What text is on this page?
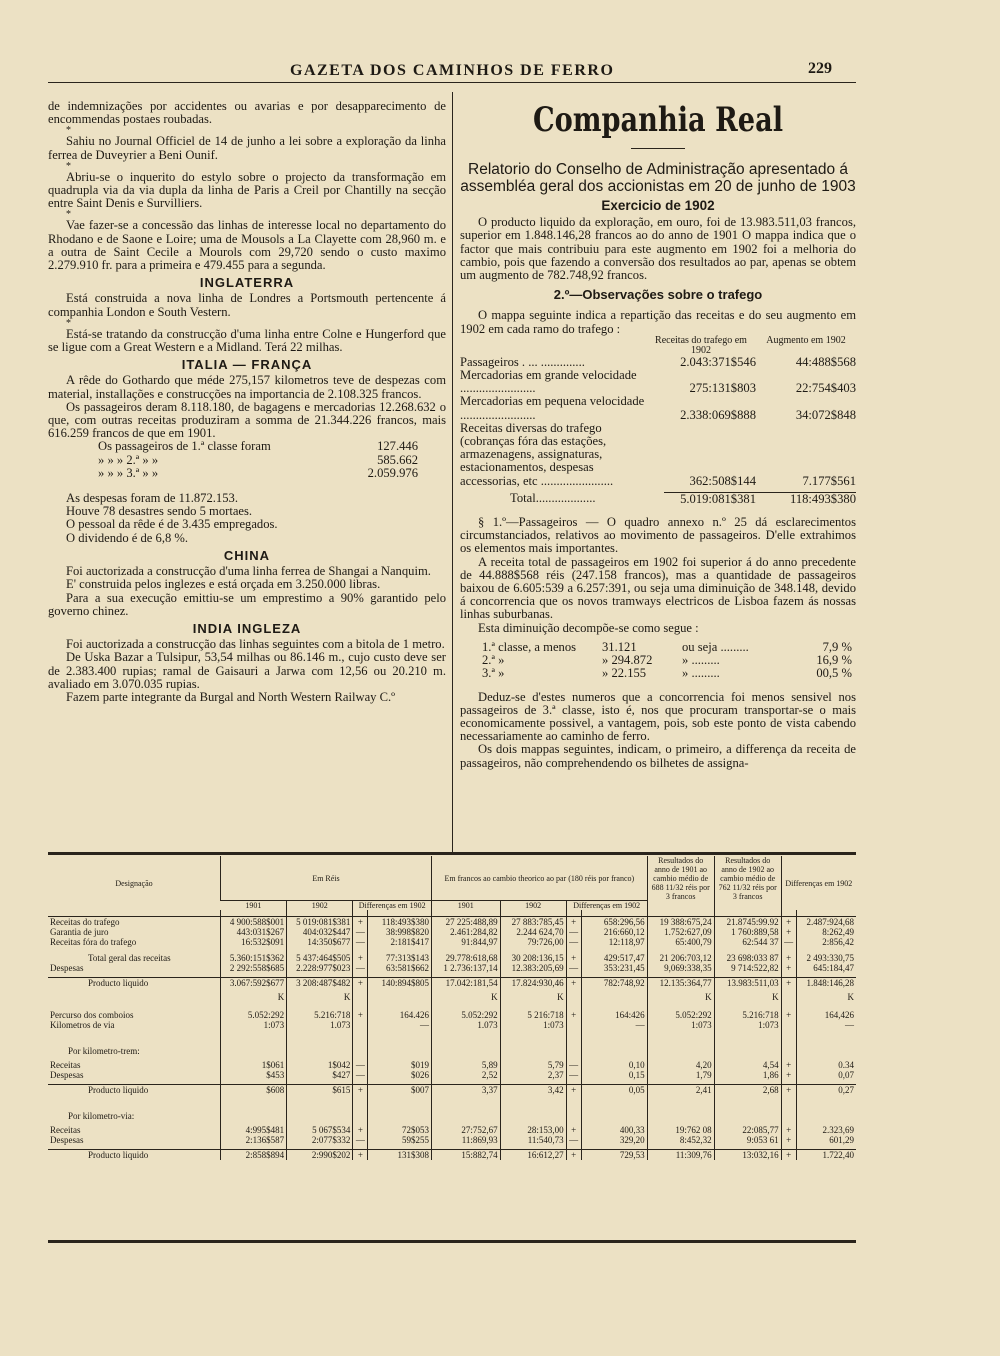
GAZETA DOS CAMINHOS DE FERRO	229

de indemnizações por accidentes ou avarias e por desapparecimento de encommendas postaes roubadas.

*

Sahiu no Journal Officiel de 14 de junho a lei sobre a exploração da linha ferrea de Duveyrier a Beni Ounif.

*

Abriu-se o inquerito do estylo sobre o projecto da transformação em quadrupla via da via dupla da linha de Paris a Creil por Chantilly na secção entre Saint Denis e Survilliers.

*

Vae fazer-se a concessão das linhas de interesse local no departamento do Rhodano e de Saone e Loire; uma de Mousols a La Clayette com 28,960 m. e a outra de Saint Cecile a Mourols com 29,720 sendo o custo maximo 2.279.910 fr. para a primeira e 479.455 para a segunda.

INGLATERRA

Está construida a nova linha de Londres a Portsmouth pertencente á companhia London e South Vestern.

*

Está-se tratando da construcção d'uma linha entre Colne e Hungerford que se ligue com a Great Western e a Midland. Terá 22 milhas.

ITALIA — FRANÇA

A rêde do Gothardo que méde 275,157 kilometros teve de despezas com material, installações e construcções na importancia de 2.108.325 francos.

Os passageiros deram 8.118.180, de bagagens e mercadorias 12.268.632 o que, com outras receitas produziram a somma de 21.344.226 francos, mais 616.259 francos de que em 1901.

Os passageiros de 1.ª classe foram	127.446
» » » 2.ª » »	585.662
» » » 3.ª » »	2.059.976

As despesas foram de 11.872.153.

Houve 78 desastres sendo 5 mortaes.

O pessoal da rêde é de 3.435 empregados.

O dividendo é de 6,8 %.

CHINA

Foi auctorizada a construcção d'uma linha ferrea de Shangai a Nanquim.

E' construida pelos inglezes e está orçada em 3.250.000 libras.

Para a sua execução emittiu-se um emprestimo a 90% garantido pelo governo chinez.

INDIA INGLEZA

Foi auctorizada a construcção das linhas seguintes com a bitola de 1 metro.

De Uska Bazar a Tulsipur, 53,54 milhas ou 86.146 m., cujo custo deve ser de 2.383.400 rupias; ramal de Gaisauri a Jarwa com 12,56 ou 20.210 m. avaliado em 3.070.035 rupias.

Fazem parte integrante da Burgal and North Western Railway C.º

Companhia Real
Relatorio do Conselho de Administração apresentado á assembléa geral dos accionistas em 20 de junho de 1903
Exercicio de 1902

O producto liquido da exploração, em ouro, foi de 13.983.511,03 francos, superior em 1.848.146,28 francos ao do anno de 1901 O mappa indica que o factor que mais contribuiu para este augmento em 1902 foi a melhoria do cambio, pois que fazendo a conversão dos resultados ao par, apenas se obtem um augmento de 782.748,92 francos.

2.º—Observações sobre o trafego

O mappa seguinte indica a repartição das receitas e do seu augmento em 1902 em cada ramo do trafego :

Receitas do trafego em 1902
Augmento em 1902
Passageiros . ... ..............	2.043:371$546	44:488$568
Mercadorias em grande velocidade ........................	275:131$803	22:754$403
Mercadorias em pequena velocidade ........................	2.338:069$888	34:072$848
Receitas diversas do trafego (cobranças fóra das estações, armazenagens, assignaturas, estacionamentos, despesas accessorias, etc .......................	362:508$144	7.177$561
Total...................	5.019:081$381	118:493$380

§ 1.º—Passageiros — O quadro annexo n.º 25 dá esclarecimentos circumstanciados, relativos ao movimento de passageiros. D'elle extrahimos os elementos mais importantes.

A receita total de passageiros em 1902 foi superior á do anno precedente de 44.888$568 réis (247.158 francos), mas a quantidade de passageiros baixou de 6.605:539 a 6.257:391, ou seja uma diminuição de 348.148, devido á concorrencia que os novos tramways electricos de Lisboa fazem ás nossas linhas suburbanas.

Esta diminuição decompõe-se como segue :

1.ª classe, a menos	31.121	ou seja .........	7,9 %
2.ª »	» 294.872	» .........	16,9 %
3.ª »	» 22.155	» .........	00,5 %

Deduz-se d'estes numeros que a concorrencia foi menos sensivel nos passageiros de 3.ª classe, isto é, nos que procuram transportar-se o mais economicamente possivel, a vantagem, pois, sob este ponto de vista cabendo necessariamente ao caminho de ferro.

Os dois mappas seguintes, indicam, o primeiro, a differença da receita de passageiros, não comprehendendo os bilhetes de assigna-

Designação	Em Réis				Em francos ao cambio theorico ao par (180 réis por franco)				Resultados do anno de 1901 ao cambio médio de 688 11/32 réis por 3 francos	Resultados do anno de 1902 ao cambio médio de 762 11/32 réis por 3 francos	Differenças em 1902	
	1901	1902	Differenças em 1902		1901	1902	Differenças em 1902					

Receitas do trafego	4 900:588$001	5 019:081$381	+	118:493$380	27 225:488,89	27 883:785,45	+	658:296,56	19 388:675,24	21.8745:99.92	+	2.487:924,68
Garantia de juro	443:031$267	404:032$447	—	38:998$820	2.461:284,82	2.244 624,70	—	216:660,12	1.752:627,09	1 760:889,58	+	8:262,49
Receitas fóra do trafego	16:532$091	14:350$677	—	2:181$417	91:844,97	79:726,00	—	12:118,97	65:400,79	62:544 37	—	2:856,42

Total geral das receitas	5.360:151$362	5 437:464$505	+	77:313$143	29.778:618,68	30 208:136,15	+	429:517,47	21 206:703,12	23 698:033 87	+	2 493:330,75
Despesas	2 292:558$685	2.228:977$023	—	63:581$662	1 2.736:137,14	12.383:205,69	—	353:231,45	9,069:338,35	9 714:522,82	+	645:184,47

Producto liquido	3.067:592$677	3 208:487$482	+	140:894$805	17.042:181,54	17.824:930,46	+	782:748,92	12.135:364,77	13.983:511,03	+	1.848:146,28

	K	K			K	K			K	K		K

Percurso dos comboios	5.052:292	5.216:718	+	164.426	5.052:292	5 216:718	+	164:426	5.052:292	5.216:718	+	164,426
Kilometros de via	1:073	1.073		—	1.073	1:073		—	1:073	1:073		—

Por kilometro-trem:												

Receitas	1$061	1$042	—	$019	5,89	5,79	—	0,10	4,20	4,54	+	0.34
Despesas	$453	$427	—	$026	2,52	2,37	—	0,15	1,79	1,86	+	0,07

Producto liquido	$608	$615	+	$007	3,37	3,42	+	0,05	2,41	2,68	+	0,27

Por kilometro-via:												

Receitas	4:995$481	5 067$534	+	72$053	27:752,67	28:153,00	+	400,33	19:762 08	22:085,77	+	2.323,69
Despesas	2:136$587	2:077$332	—	59$255	11:869,93	11:540,73	—	329,20	8:452,32	9:053 61	+	601,29

Producto liquido	2:858$894	2:990$202	+	131$308	15:882,74	16:612,27	+	729,53	11:309,76	13:032,16	+	1.722,40
